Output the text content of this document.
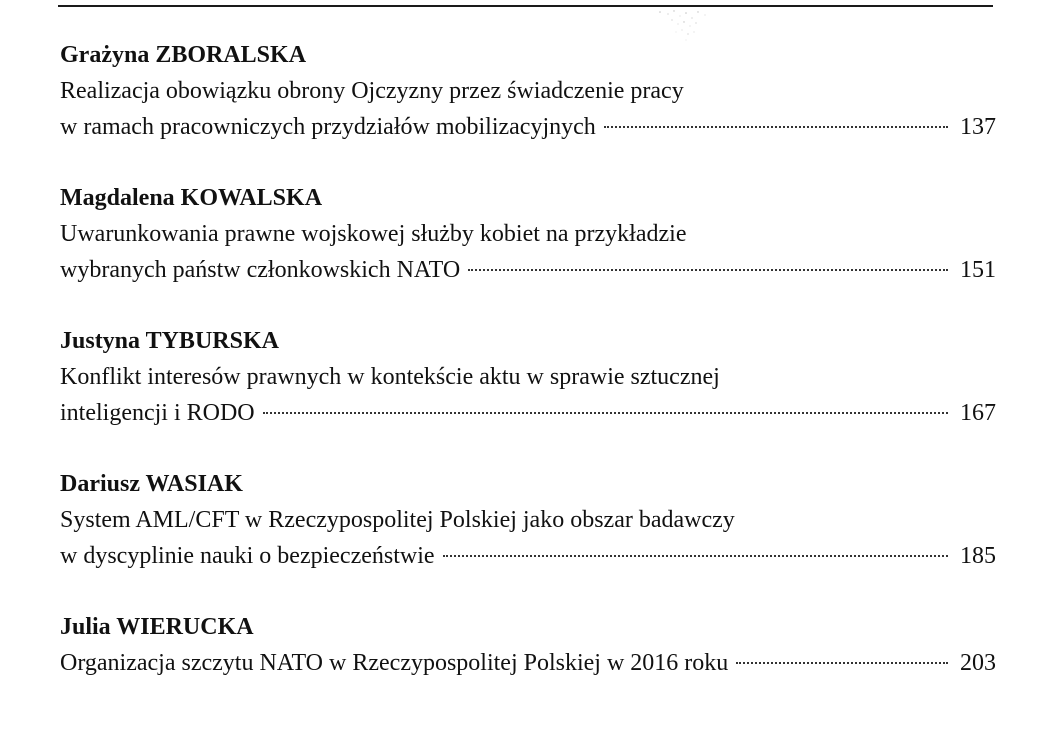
Grażyna ZBORALSKA
Realizacja obowiązku obrony Ojczyzny przez świadczenie pracy
w ramach pracowniczych przydziałów mobilizacyjnych	137
Magdalena KOWALSKA
Uwarunkowania prawne wojskowej służby kobiet na przykładzie
wybranych państw członkowskich NATO	151
Justyna TYBURSKA
Konflikt interesów prawnych w kontekście aktu w sprawie sztucznej
inteligencji i RODO	167
Dariusz WASIAK
System AML/CFT w Rzeczypospolitej Polskiej jako obszar badawczy
w dyscyplinie nauki o bezpieczeństwie	185
Julia WIERUCKA
Organizacja szczytu NATO w Rzeczypospolitej Polskiej w 2016 roku	203
